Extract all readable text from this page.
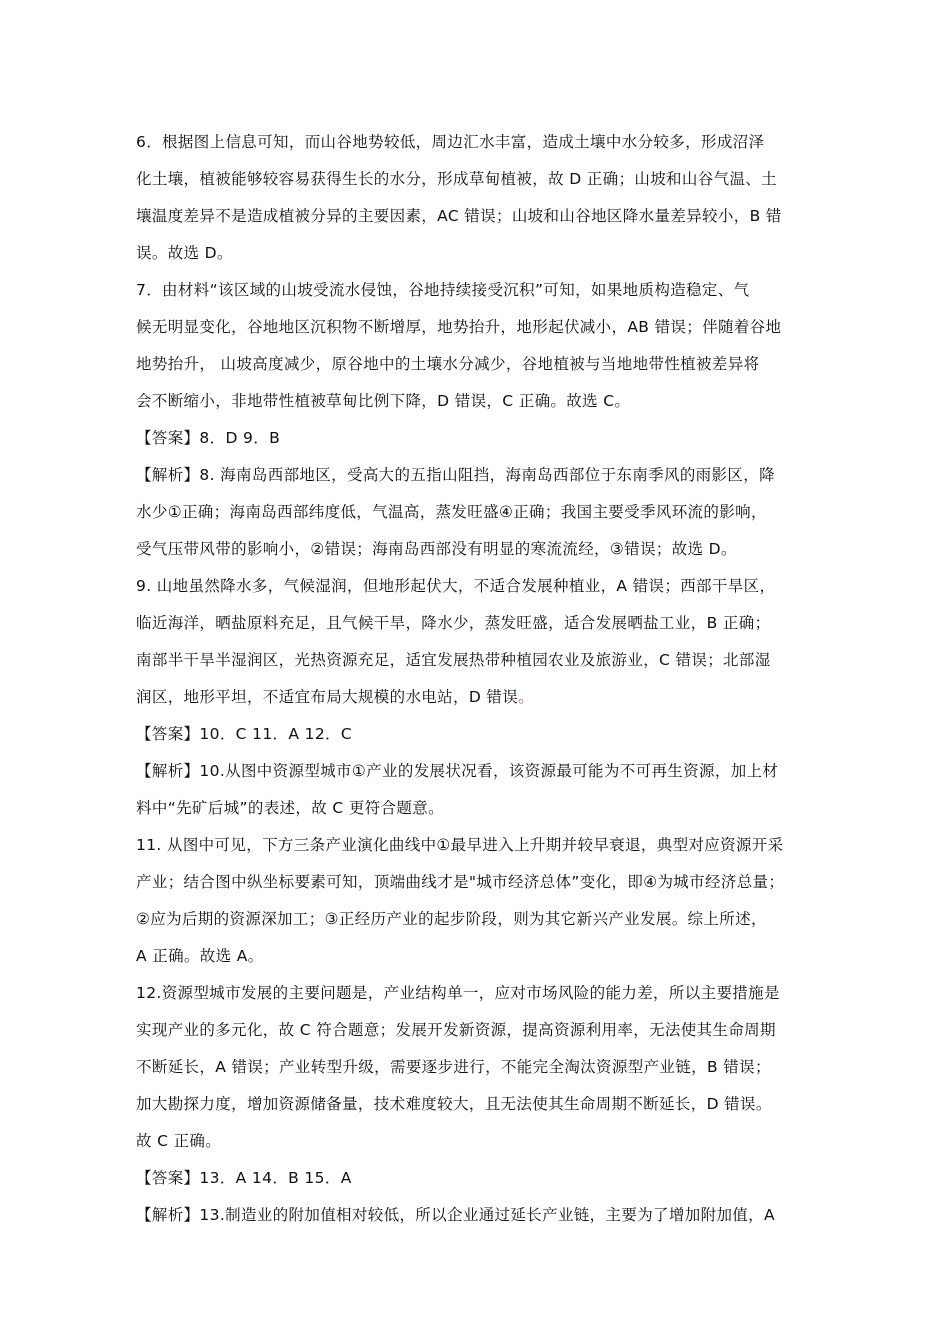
6．根据图上信息可知，而山谷地势较低，周边汇水丰富，造成土壤中水分较多，形成沼泽
化土壤，植被能够较容易获得生长的水分，形成草甸植被，故 D 正确；山坡和山谷气温、土
壤温度差异不是造成植被分异的主要因素，AC 错误；山坡和山谷地区降水量差异较小，B 错
误。故选 D。
7．由材料“该区域的山坡受流水侵蚀，谷地持续接受沉积”可知，如果地质构造稳定、气
候无明显变化，谷地地区沉积物不断增厚，地势抬升，地形起伏减小，AB 错误；伴随着谷地
地势抬升， 山坡高度减少，原谷地中的土壤水分减少，谷地植被与当地地带性植被差异将
会不断缩小，非地带性植被草甸比例下降，D 错误，C 正确。故选 C。
【答案】8．D 9．B
【解析】8. 海南岛西部地区，受高大的五指山阻挡，海南岛西部位于东南季风的雨影区，降
水少①正确；海南岛西部纬度低，气温高，蒸发旺盛④正确；我国主要受季风环流的影响，
受气压带风带的影响小，②错误；海南岛西部没有明显的寒流流经，③错误；故选 D。
9. 山地虽然降水多，气候湿润，但地形起伏大，不适合发展种植业，A 错误；西部干旱区，
临近海洋，晒盐原料充足，且气候干旱，降水少，蒸发旺盛，适合发展晒盐工业，B 正确；
南部半干旱半湿润区，光热资源充足，适宜发展热带种植园农业及旅游业，C 错误；北部湿
润区，地形平坦，不适宜布局大规模的水电站，D 错误。
【答案】10．C 11．A 12．C
【解析】10.从图中资源型城市①产业的发展状况看，该资源最可能为不可再生资源，加上材
料中“先矿后城”的表述，故 C 更符合题意。
11. 从图中可见，下方三条产业演化曲线中①最早进入上升期并较早衰退，典型对应资源开采
产业；结合图中纵坐标要素可知，顶端曲线才是"城市经济总体”变化，即④为城市经济总量；
②应为后期的资源深加工；③正经历产业的起步阶段，则为其它新兴产业发展。综上所述，
A 正确。故选 A。
12.资源型城市发展的主要问题是，产业结构单一，应对市场风险的能力差，所以主要措施是
实现产业的多元化，故 C 符合题意；发展开发新资源，提高资源利用率，无法使其生命周期
不断延长，A 错误；产业转型升级，需要逐步进行，不能完全淘汰资源型产业链，B 错误；
加大勘探力度，增加资源储备量，技术难度较大，且无法使其生命周期不断延长，D 错误。
故 C 正确。
【答案】13．A 14．B 15．A
【解析】13.制造业的附加值相对较低，所以企业通过延长产业链，主要为了增加附加值，A
